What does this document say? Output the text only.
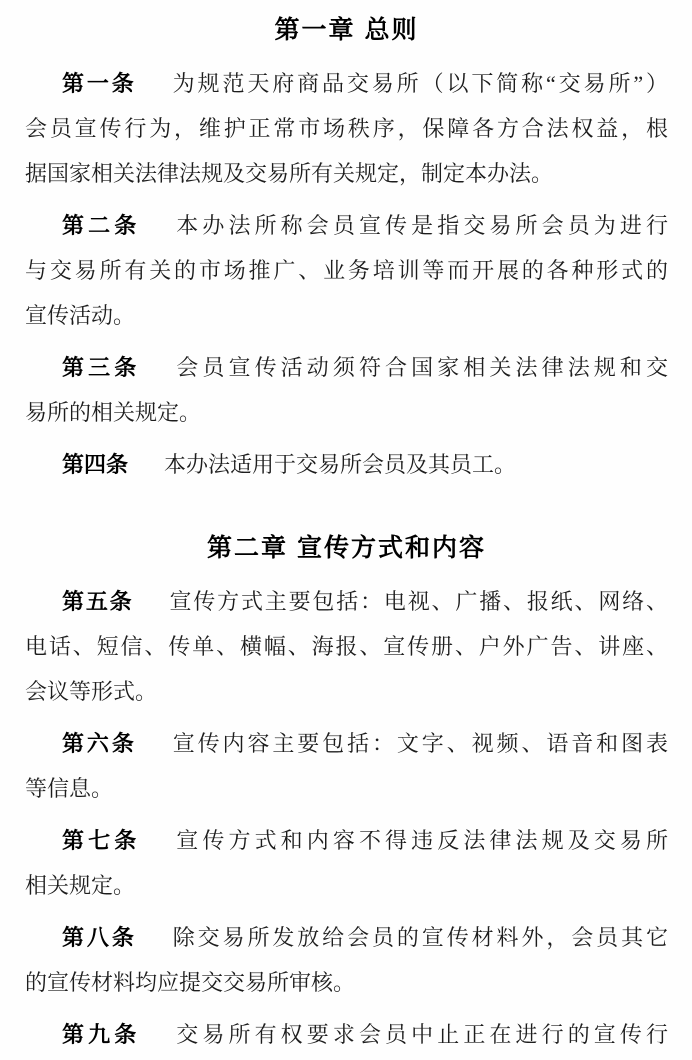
第一章 总则
第一条 为规范天府商品交易所（以下简称“交易所”）
会员宣传行为，维护正常市场秩序，保障各方合法权益，根
据国家相关法律法规及交易所有关规定，制定本办法。
第二条 本办法所称会员宣传是指交易所会员为进行
与交易所有关的市场推广、业务培训等而开展的各种形式的
宣传活动。
第三条 会员宣传活动须符合国家相关法律法规和交
易所的相关规定。
第四条 本办法适用于交易所会员及其员工。
第二章 宣传方式和内容
第五条 宣传方式主要包括：电视、广播、报纸、网络、
电话、短信、传单、横幅、海报、宣传册、户外广告、讲座、
会议等形式。
第六条 宣传内容主要包括：文字、视频、语音和图表
等信息。
第七条 宣传方式和内容不得违反法律法规及交易所
相关规定。
第八条 除交易所发放给会员的宣传材料外，会员其它
的宣传材料均应提交交易所审核。
第九条 交易所有权要求会员中止正在进行的宣传行
